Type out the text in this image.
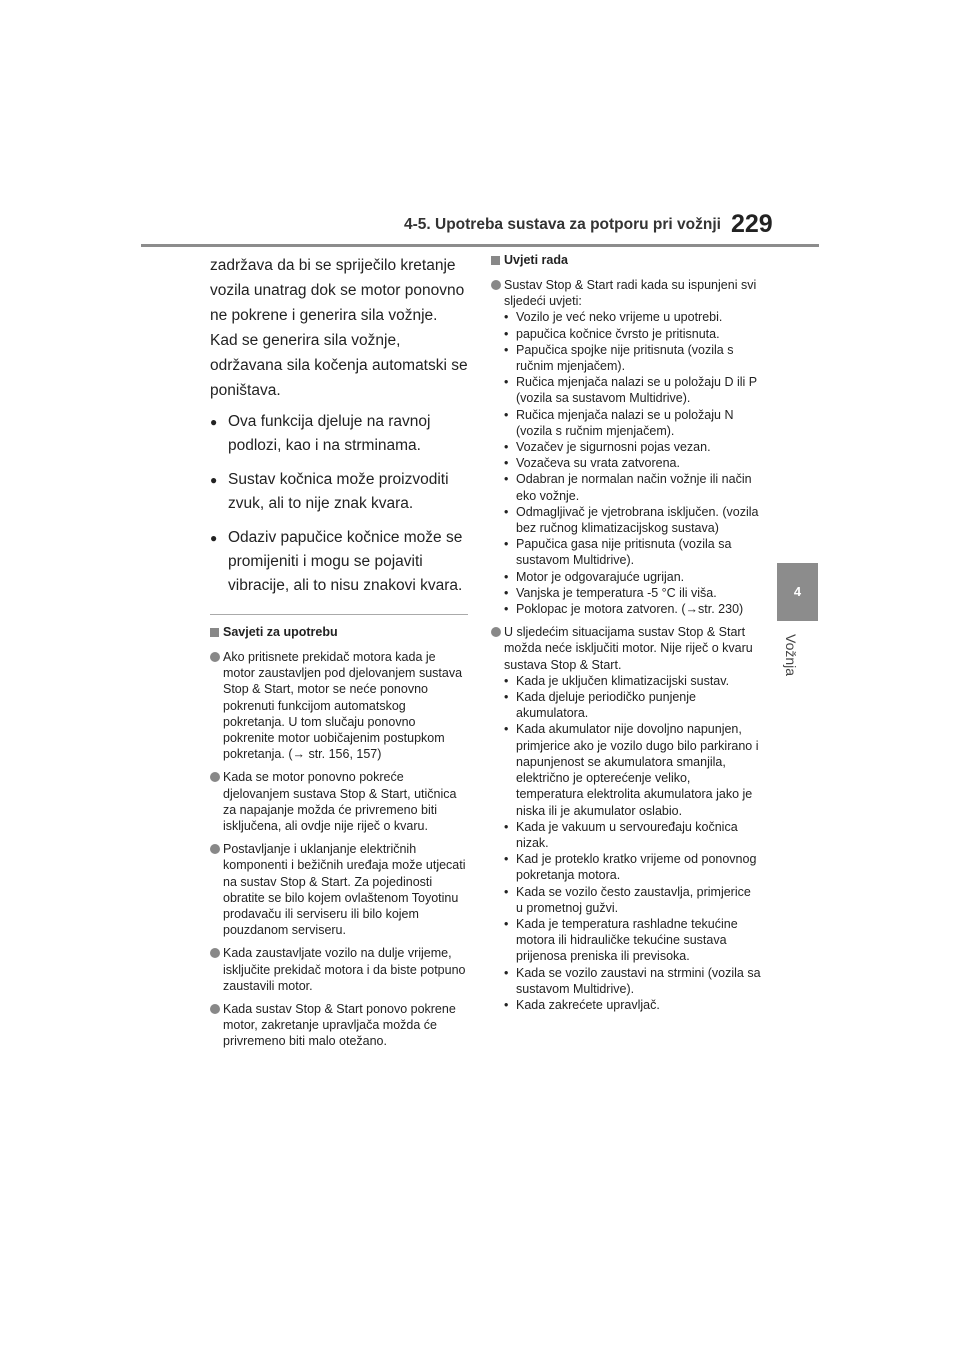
4-5. Upotreba sustava za potporu pri vožnji 229
4
Vožnja

zadržava da bi se spriječilo kretanje vozila unatrag dok se motor ponovno ne pokrene i generira sila vožnje. Kad se generira sila vožnje, održavana sila kočenja automatski se poništava.

● Ova funkcija djeluje na ravnoj podlozi, kao i na strminama.
● Sustav kočnica može proizvoditi zvuk, ali to nije znak kvara.
● Odaziv papučice kočnice može se promijeniti i mogu se pojaviti vibracije, ali to nisu znakovi kvara.
Savjeti za upotrebu
Ako pritisnete prekidač motora kada je motor zaustavljen pod djelovanjem sustava Stop & Start, motor se neće ponovno pokrenuti funkcijom automatskog pokretanja. U tom slučaju ponovno pokrenite motor uobičajenim postupkom pokretanja. (→ str. 156, 157)
Kada se motor ponovno pokreće djelovanjem sustava Stop & Start, utičnica za napajanje možda će privremeno biti isključena, ali ovdje nije riječ o kvaru.
Postavljanje i uklanjanje električnih komponenti i bežičnih uređaja može utjecati na sustav Stop & Start. Za pojedinosti obratite se bilo kojem ovlaštenom Toyotinu prodavaču ili serviseru ili bilo kojem pouzdanom serviseru.
Kada zaustavljate vozilo na dulje vrijeme, isključite prekidač motora i da biste potpuno zaustavili motor.
Kada sustav Stop & Start ponovo pokrene motor, zakretanje upravljača možda će privremeno biti malo otežano.
Uvjeti rada
Sustav Stop & Start radi kada su ispunjeni svi sljedeći uvjeti:
• Vozilo je već neko vrijeme u upotrebi.
• papučica kočnice čvrsto je pritisnuta.
• Papučica spojke nije pritisnuta (vozila s ručnim mjenjačem).
• Ručica mjenjača nalazi se u položaju D ili P (vozila sa sustavom Multidrive).
• Ručica mjenjača nalazi se u položaju N (vozila s ručnim mjenjačem).
• Vozačev je sigurnosni pojas vezan.
• Vozačeva su vrata zatvorena.
• Odabran je normalan način vožnje ili način eko vožnje.
• Odmagljivač je vjetrobrana isključen. (vozila bez ručnog klimatizacijskog sustava)
• Papučica gasa nije pritisnuta (vozila sa sustavom Multidrive).
• Motor je odgovarajuće ugrijan.
• Vanjska je temperatura -5 °C ili viša.
• Poklopac je motora zatvoren. (→str. 230)
U sljedećim situacijama sustav Stop & Start možda neće isključiti motor. Nije riječ o kvaru sustava Stop & Start.
• Kada je uključen klimatizacijski sustav.
• Kada djeluje periodičko punjenje akumulatora.
• Kada akumulator nije dovoljno napunjen, primjerice ako je vozilo dugo bilo parkirano i napunjenost se akumulatora smanjila, električno je opterećenje veliko, temperatura elektrolita akumulatora jako je niska ili je akumulator oslabio.
• Kada je vakuum u servouređaju kočnica nizak.
• Kad je proteklo kratko vrijeme od ponovnog pokretanja motora.
• Kada se vozilo često zaustavlja, primjerice u prometnoj gužvi.
• Kada je temperatura rashladne tekućine motora ili hidrauličke tekućine sustava prijenosa preniska ili previsoka.
• Kada se vozilo zaustavi na strmini (vozila sa sustavom Multidrive).
• Kada zakrećete upravljač.
